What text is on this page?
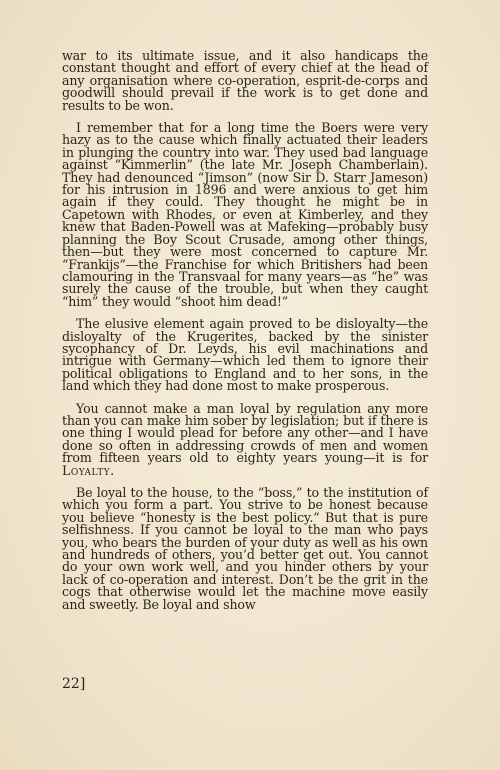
war to its ultimate issue, and it also handicaps the constant thought and effort of every chief at the head of any organisation where co-operation, esprit-de-corps and goodwill should prevail if the work is to get done and results to be won.

I remember that for a long time the Boers were very hazy as to the cause which finally actuated their leaders in plunging the country into war. They used bad language against “Kimmerlin” (the late Mr. Joseph Chamberlain). They had denounced “Jimson” (now Sir D. Starr Jameson) for his intrusion in 1896 and were anxious to get him again if they could. They thought he might be in Capetown with Rhodes, or even at Kimberley, and they knew that Baden-Powell was at Mafeking—probably busy planning the Boy Scout Crusade, among other things, then—but they were most concerned to capture Mr. “Frankijs”—the Franchise for which Britishers had been clamouring in the Transvaal for many years—as “he” was surely the cause of the trouble, but when they caught “him” they would “shoot him dead!”

The elusive element again proved to be disloyalty—the disloyalty of the Krugerites, backed by the sinister sycophancy of Dr. Leyds, his evil machinations and intrigue with Germany—which led them to ignore their political obligations to England and to her sons, in the land which they had done most to make prosperous.

You cannot make a man loyal by regulation any more than you can make him sober by legislation; but if there is one thing I would plead for before any other—and I have done so often in addressing crowds of men and women from fifteen years old to eighty years young—it is for Loyalty.

Be loyal to the house, to the “boss,” to the institution of which you form a part. You strive to be honest because you believe “honesty is the best policy.” But that is pure selfishness. If you cannot be loyal to the man who pays you, who bears the burden of your duty as well as his own and hundreds of others, you’d better get out. You cannot do your own work well, and you hinder others by your lack of co-operation and interest. Don’t be the grit in the cogs that otherwise would let the machine move easily and sweetly. Be loyal and show

22]
